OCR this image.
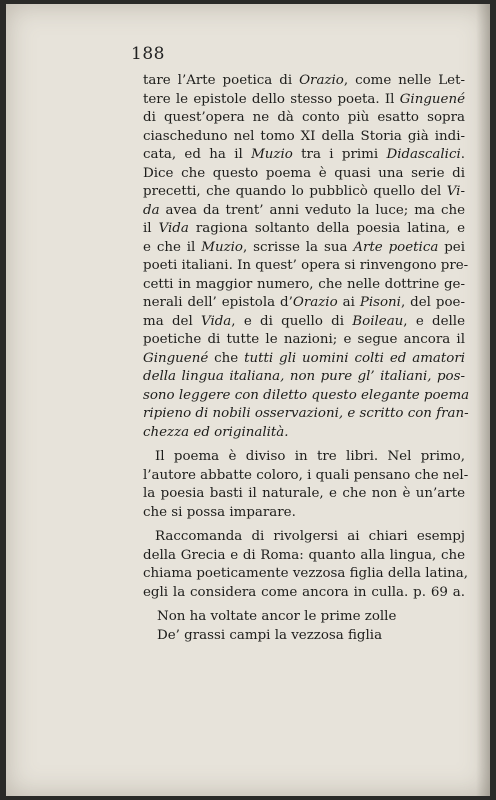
188
tare l’Arte poetica di Orazio, come nelle Let-
tere le epistole dello stesso poeta. Il Ginguené
di quest’opera ne dà conto più esatto sopra
ciascheduno nel tomo XI della Storia già indi-
cata, ed ha il Muzio tra i primi Didascalici.
Dice che questo poema è quasi una serie di
precetti, che quando lo pubblicò quello del Vi-
da avea da trent’ anni veduto la luce; ma che
il Vida ragiona soltanto della poesia latina, e
e che il Muzio, scrisse la sua Arte poetica pei
poeti italiani. In quest’ opera si rinvengono pre-
cetti in maggior numero, che nelle dottrine ge-
nerali dell’ epistola d’Orazio ai Pisoni, del poe-
ma del Vida, e di quello di Boileau, e delle
poetiche di tutte le nazioni; e segue ancora il
Ginguené che tutti gli uomini colti ed amatori
della lingua italiana, non pure gl’ italiani, pos-
sono leggere con diletto questo elegante poema
ripieno di nobili osservazioni, e scritto con fran-
chezza ed originalità.
Il poema è diviso in tre libri. Nel primo,
l’autore abbatte coloro, i quali pensano che nel-
la poesia basti il naturale, e che non è un’arte
che si possa imparare.
Raccomanda di rivolgersi ai chiari esempj
della Grecia e di Roma: quanto alla lingua, che
chiama poeticamente vezzosa figlia della latina,
egli la considera come ancora in culla. p. 69 a.
Non ha voltate ancor le prime zolle
De’ grassi campi la vezzosa figlia
